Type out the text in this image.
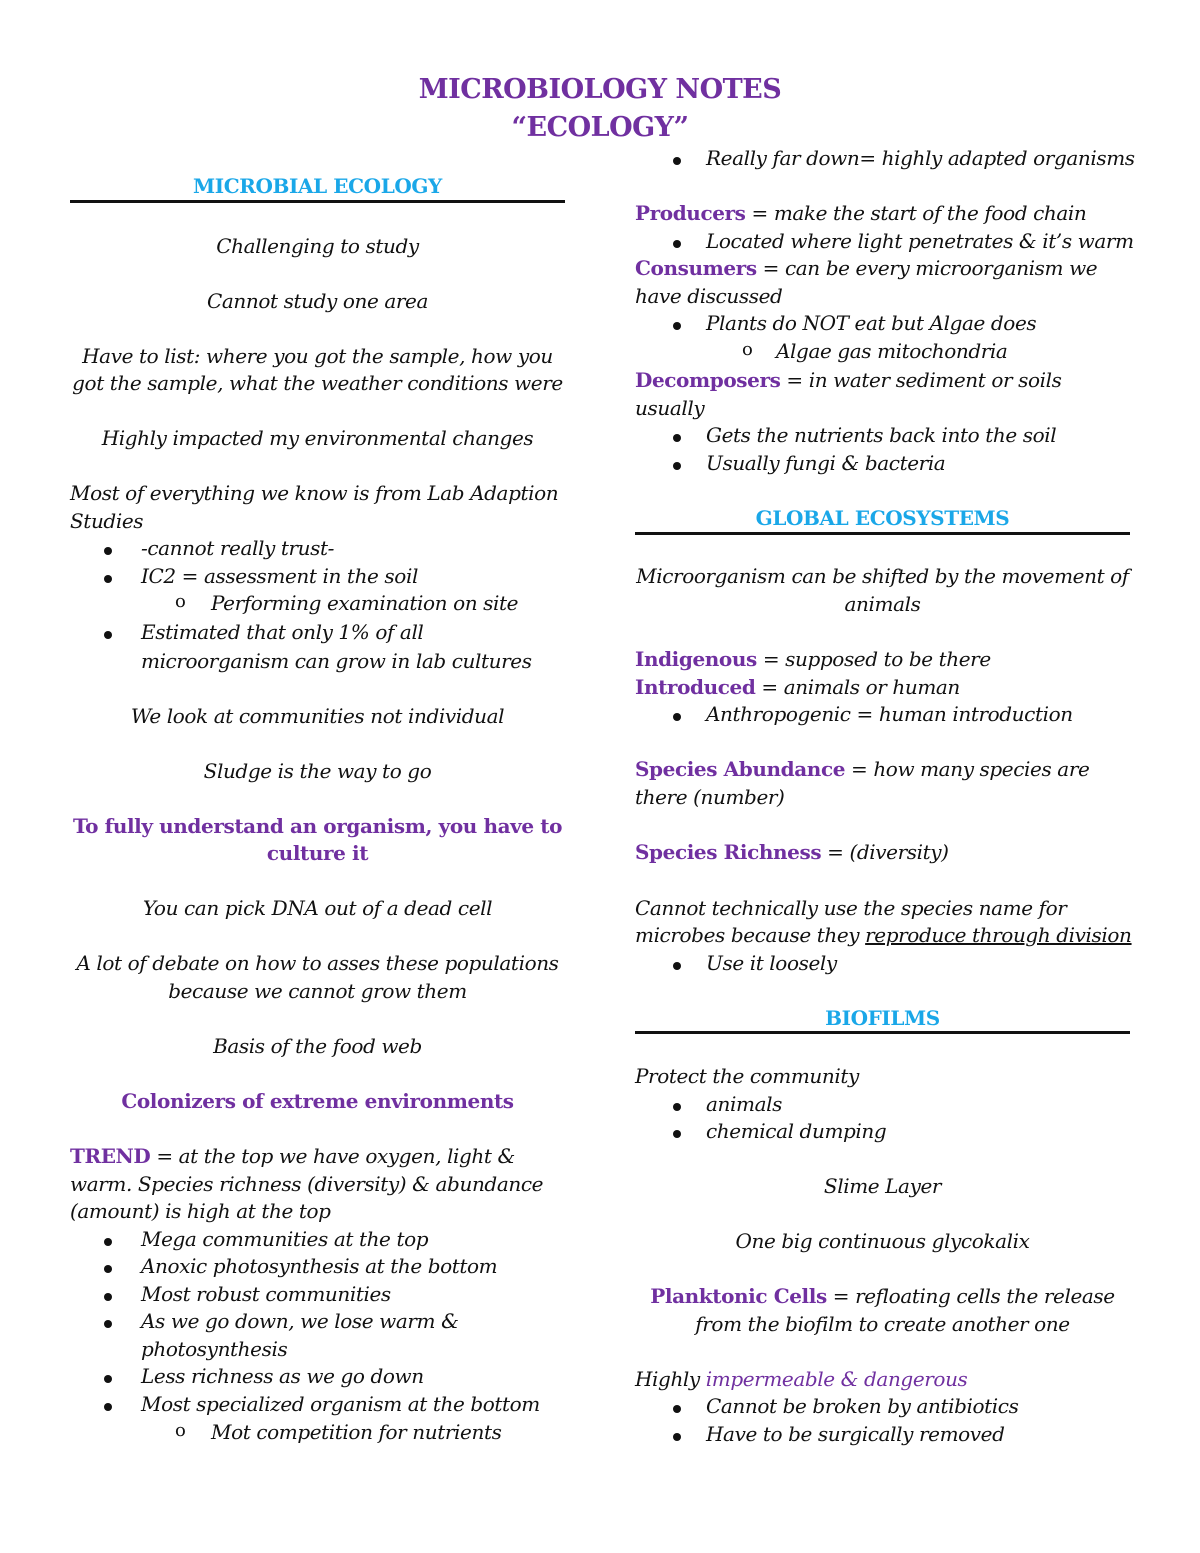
MICROBIOLOGY NOTES
“ECOLOGY”
MICROBIAL ECOLOGY
Challenging to study
Cannot study one area
Have to list: where you got the sample, how you
got the sample, what the weather conditions were
Highly impacted my environmental changes
Most of everything we know is from Lab Adaption
Studies
-cannot really trust-
IC2 = assessment in the soil
o Performing examination on site
Estimated that only 1% of all
microorganism can grow in lab cultures
We look at communities not individual
Sludge is the way to go
To fully understand an organism, you have to
culture it
You can pick DNA out of a dead cell
A lot of debate on how to asses these populations
because we cannot grow them
Basis of the food web
Colonizers of extreme environments
TREND = at the top we have oxygen, light &
warm. Species richness (diversity) & abundance
(amount) is high at the top
Mega communities at the top
Anoxic photosynthesis at the bottom
Most robust communities
As we go down, we lose warm &
photosynthesis
Less richness as we go down
Most specialized organism at the bottom
o Mot competition for nutrients
Really far down= highly adapted organisms
Producers = make the start of the food chain
Located where light penetrates & it’s warm
Consumers = can be every microorganism we
have discussed
Plants do NOT eat but Algae does
o Algae gas mitochondria
Decomposers = in water sediment or soils
usually
Gets the nutrients back into the soil
Usually fungi & bacteria
GLOBAL ECOSYSTEMS
Microorganism can be shifted by the movement of
animals
Indigenous = supposed to be there
Introduced = animals or human
Anthropogenic = human introduction
Species Abundance = how many species are
there (number)
Species Richness = (diversity)
Cannot technically use the species name for
microbes because they reproduce through division
Use it loosely
BIOFILMS
Protect the community
animals
chemical dumping
Slime Layer
One big continuous glycokalix
Planktonic Cells = refloating cells the release
from the biofilm to create another one
Highly impermeable & dangerous
Cannot be broken by antibiotics
Have to be surgically removed
